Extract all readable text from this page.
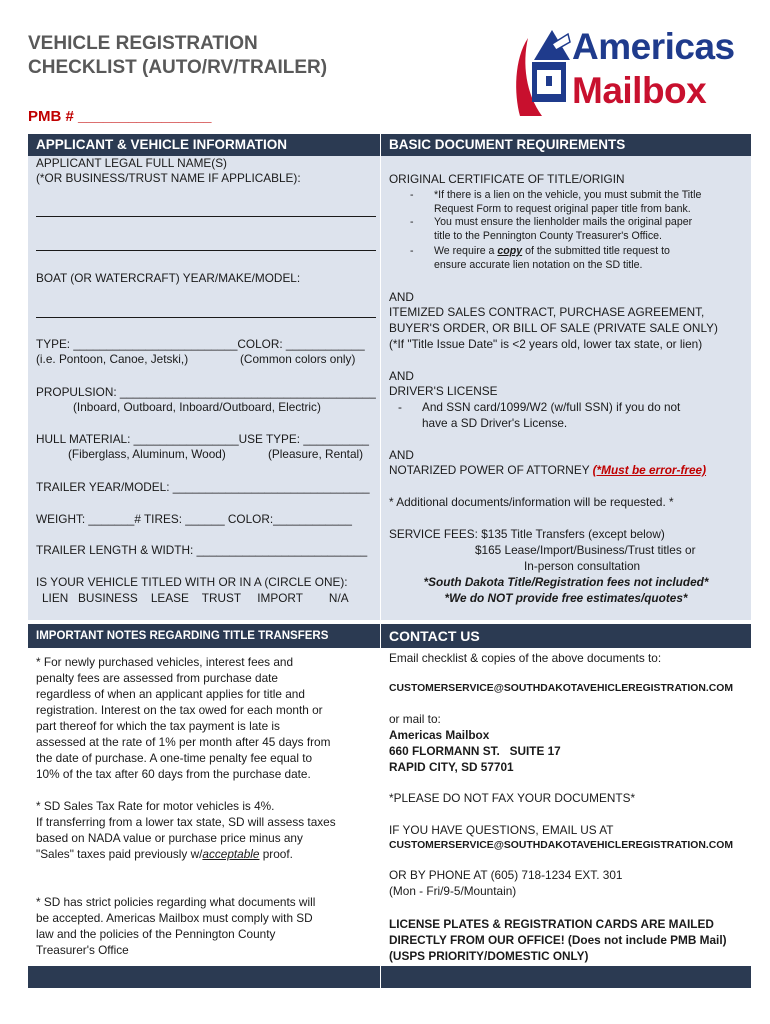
VEHICLE REGISTRATION
CHECKLIST (AUTO/RV/TRAILER)
PMB # ________________
Americas
Mailbox
APPLICANT & VEHICLE INFORMATION
APPLICANT LEGAL FULL NAME(S)
(*OR BUSINESS/TRUST NAME IF APPLICABLE):
BOAT (OR WATERCRAFT) YEAR/MAKE/MODEL:
TYPE: _________________________COLOR: ____________
(i.e. Pontoon, Canoe, Jetski,)	(Common colors only)
PROPULSION: _______________________________________
(Inboard, Outboard, Inboard/Outboard, Electric)
HULL MATERIAL: ________________USE TYPE: __________
(Fiberglass, Aluminum, Wood)	(Pleasure, Rental)
TRAILER YEAR/MODEL: ______________________________
WEIGHT: _______# TIRES: ______ COLOR:____________
TRAILER LENGTH & WIDTH: __________________________
IS YOUR VEHICLE TITLED WITH OR IN A (CIRCLE ONE):
LIEN   BUSINESS    LEASE    TRUST     IMPORT        N/A
BASIC DOCUMENT REQUIREMENTS
ORIGINAL CERTIFICATE OF TITLE/ORIGIN
- *If there is a lien on the vehicle, you must submit the Title
Request Form to request original paper title from bank.
- You must ensure the lienholder mails the original paper
title to the Pennington County Treasurer's Office.
- We require a copy of the submitted title request to
ensure accurate lien notation on the SD title.
AND
ITEMIZED SALES CONTRACT, PURCHASE AGREEMENT,
BUYER'S ORDER, OR BILL OF SALE (PRIVATE SALE ONLY)
(*If "Title Issue Date" is <2 years old, lower tax state, or lien)
AND
DRIVER'S LICENSE
- And SSN card/1099/W2 (w/full SSN) if you do not
have a SD Driver's License.
AND
NOTARIZED POWER OF ATTORNEY (*Must be error-free)
* Additional documents/information will be requested. *
SERVICE FEES: $135 Title Transfers (except below)
$165 Lease/Import/Business/Trust titles or
In-person consultation
*South Dakota Title/Registration fees not included*
*We do NOT provide free estimates/quotes*
IMPORTANT NOTES REGARDING TITLE TRANSFERS	CONTACT US
* For newly purchased vehicles, interest fees and
penalty fees are assessed from purchase date
regardless of when an applicant applies for title and
registration. Interest on the tax owed for each month or
part thereof for which the tax payment is late is
assessed at the rate of 1% per month after 45 days from
the date of purchase. A one-time penalty fee equal to
10% of the tax after 60 days from the purchase date.
* SD Sales Tax Rate for motor vehicles is 4%.
If transferring from a lower tax state, SD will assess taxes
based on NADA value or purchase price minus any
"Sales" taxes paid previously w/acceptable proof.
* SD has strict policies regarding what documents will
be accepted. Americas Mailbox must comply with SD
law and the policies of the Pennington County
Treasurer's Office
Email checklist & copies of the above documents to:
CUSTOMERSERVICE@SOUTHDAKOTAVEHICLEREGISTRATION.COM
or mail to:
Americas Mailbox
660 FLORMANN ST.   SUITE 17
RAPID CITY, SD 57701
*PLEASE DO NOT FAX YOUR DOCUMENTS*
IF YOU HAVE QUESTIONS, EMAIL US AT
CUSTOMERSERVICE@SOUTHDAKOTAVEHICLEREGISTRATION.COM
OR BY PHONE AT (605) 718-1234 EXT. 301
(Mon - Fri/9-5/Mountain)
LICENSE PLATES & REGISTRATION CARDS ARE MAILED
DIRECTLY FROM OUR OFFICE! (Does not include PMB Mail)
(USPS PRIORITY/DOMESTIC ONLY)
